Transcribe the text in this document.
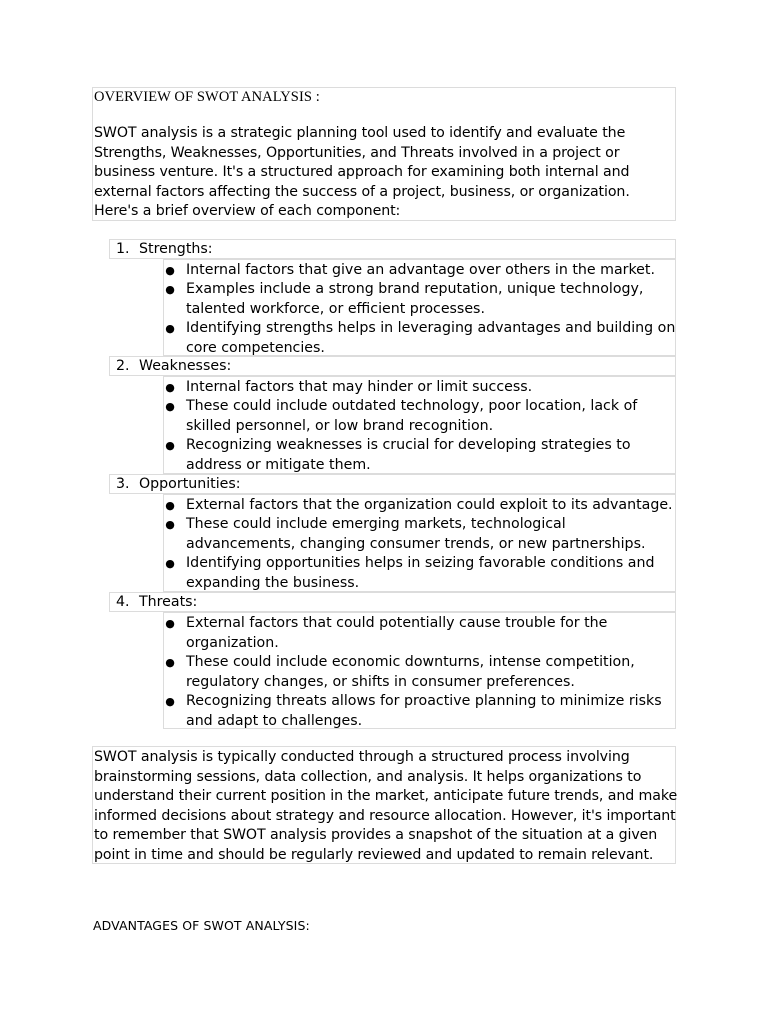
OVERVIEW OF SWOT ANALYSIS :

SWOT analysis is a strategic planning tool used to identify and evaluate the Strengths, Weaknesses, Opportunities, and Threats involved in a project or business venture. It's a structured approach for examining both internal and external factors affecting the success of a project, business, or organization. Here's a brief overview of each component:

1. Strengths:
● Internal factors that give an advantage over others in the market.
● Examples include a strong brand reputation, unique technology, talented workforce, or efficient processes.
● Identifying strengths helps in leveraging advantages and building on core competencies.
2. Weaknesses:
● Internal factors that may hinder or limit success.
● These could include outdated technology, poor location, lack of skilled personnel, or low brand recognition.
● Recognizing weaknesses is crucial for developing strategies to address or mitigate them.
3. Opportunities:
● External factors that the organization could exploit to its advantage.
● These could include emerging markets, technological advancements, changing consumer trends, or new partnerships.
● Identifying opportunities helps in seizing favorable conditions and expanding the business.
4. Threats:
● External factors that could potentially cause trouble for the organization.
● These could include economic downturns, intense competition, regulatory changes, or shifts in consumer preferences.
● Recognizing threats allows for proactive planning to minimize risks and adapt to challenges.

SWOT analysis is typically conducted through a structured process involving brainstorming sessions, data collection, and analysis. It helps organizations to understand their current position in the market, anticipate future trends, and make informed decisions about strategy and resource allocation. However, it's important to remember that SWOT analysis provides a snapshot of the situation at a given point in time and should be regularly reviewed and updated to remain relevant.

ADVANTAGES OF SWOT ANALYSIS:
